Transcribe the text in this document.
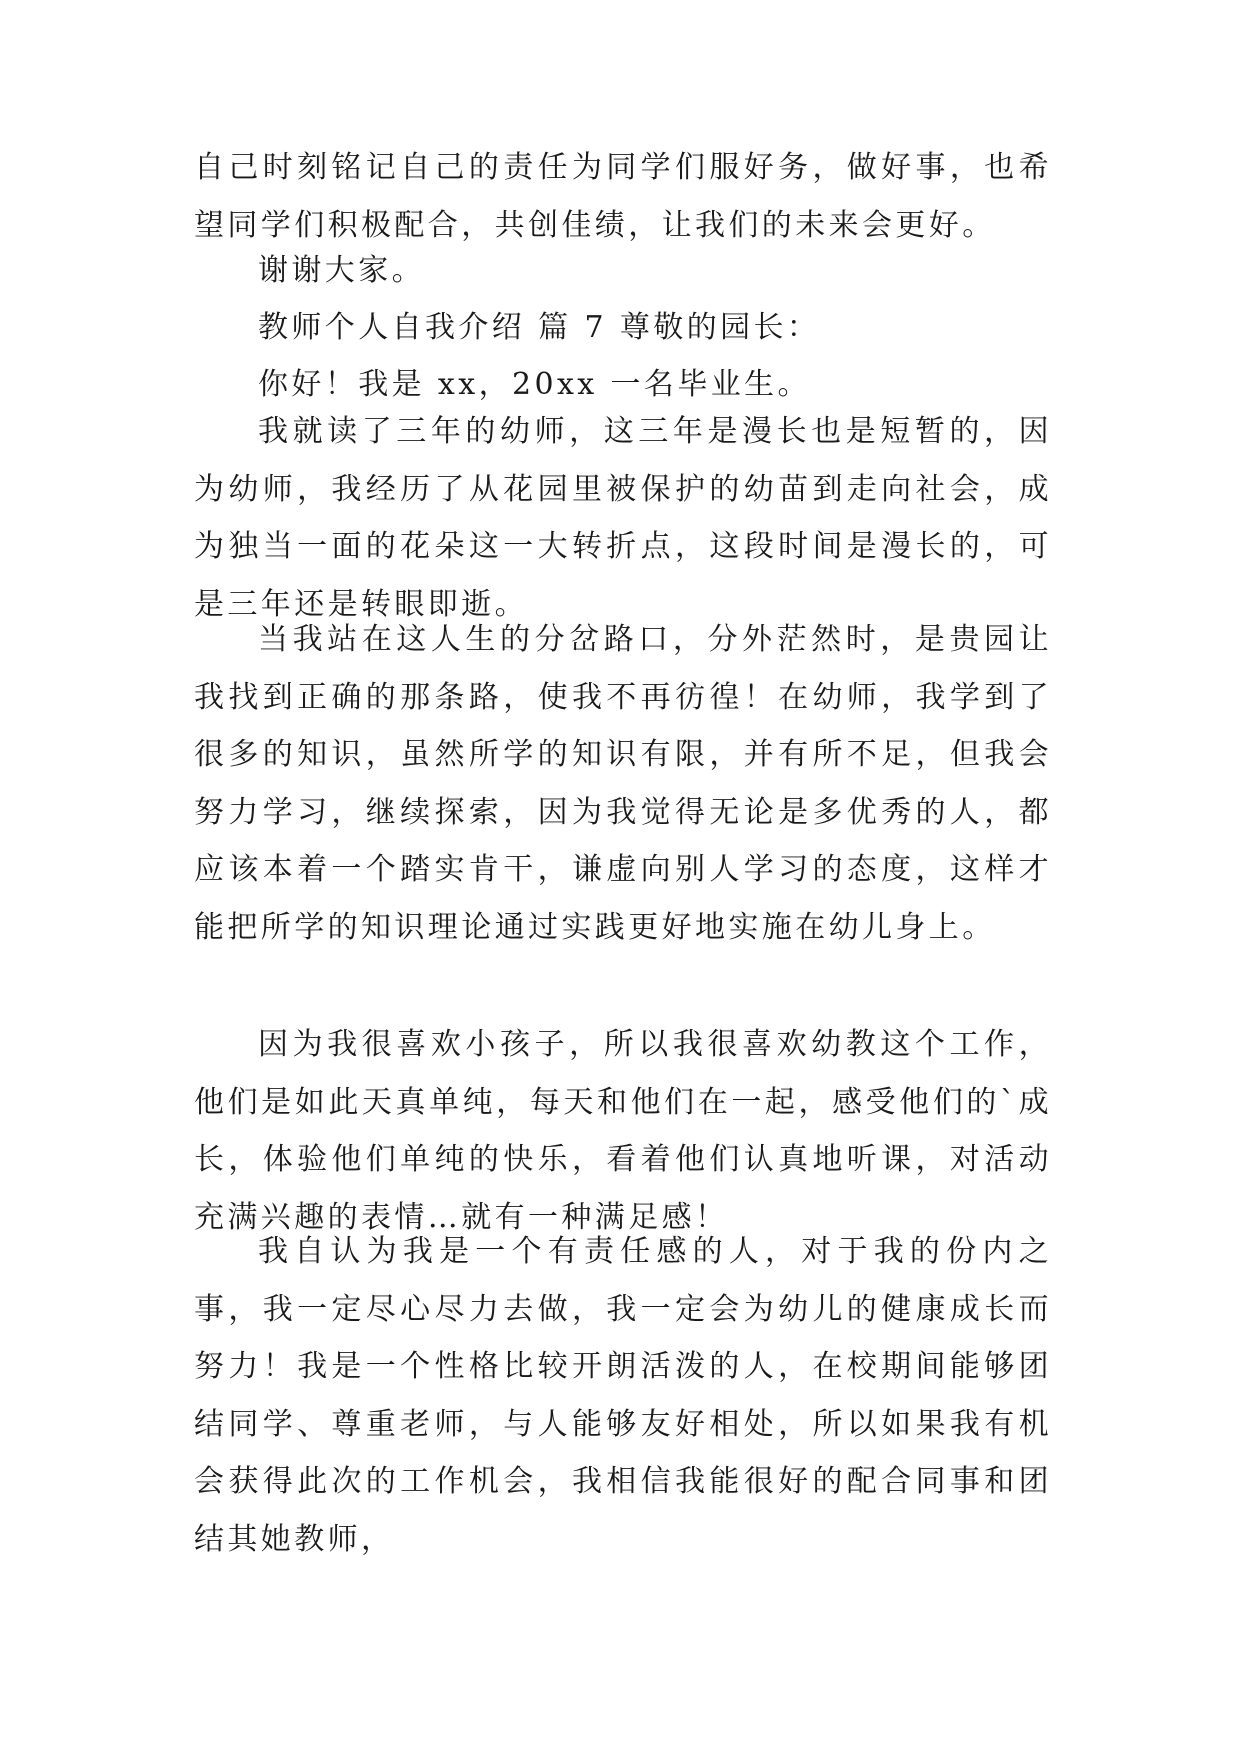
自己时刻铭记自己的责任为同学们服好务，做好事，也希望同学们积极配合，共创佳绩，让我们的未来会更好。
谢谢大家。
教师个人自我介绍 篇 7 尊敬的园长：
你好！我是 xx，20xx 一名毕业生。
我就读了三年的幼师，这三年是漫长也是短暂的，因为幼师，我经历了从花园里被保护的幼苗到走向社会，成为独当一面的花朵这一大转折点，这段时间是漫长的，可是三年还是转眼即逝。
当我站在这人生的分岔路口，分外茫然时，是贵园让我找到正确的那条路，使我不再彷徨！在幼师，我学到了很多的知识，虽然所学的知识有限，并有所不足，但我会努力学习，继续探索，因为我觉得无论是多优秀的人，都应该本着一个踏实肯干，谦虚向别人学习的态度，这样才能把所学的知识理论通过实践更好地实施在幼儿身上。
因为我很喜欢小孩子，所以我很喜欢幼教这个工作，他们是如此天真单纯，每天和他们在一起，感受他们的`成长，体验他们单纯的快乐，看着他们认真地听课，对活动充满兴趣的表情…就有一种满足感！
我自认为我是一个有责任感的人，对于我的份内之事，我一定尽心尽力去做，我一定会为幼儿的健康成长而努力！我是一个性格比较开朗活泼的人，在校期间能够团结同学、尊重老师，与人能够友好相处，所以如果我有机会获得此次的工作机会，我相信我能很好的配合同事和团结其她教师，
